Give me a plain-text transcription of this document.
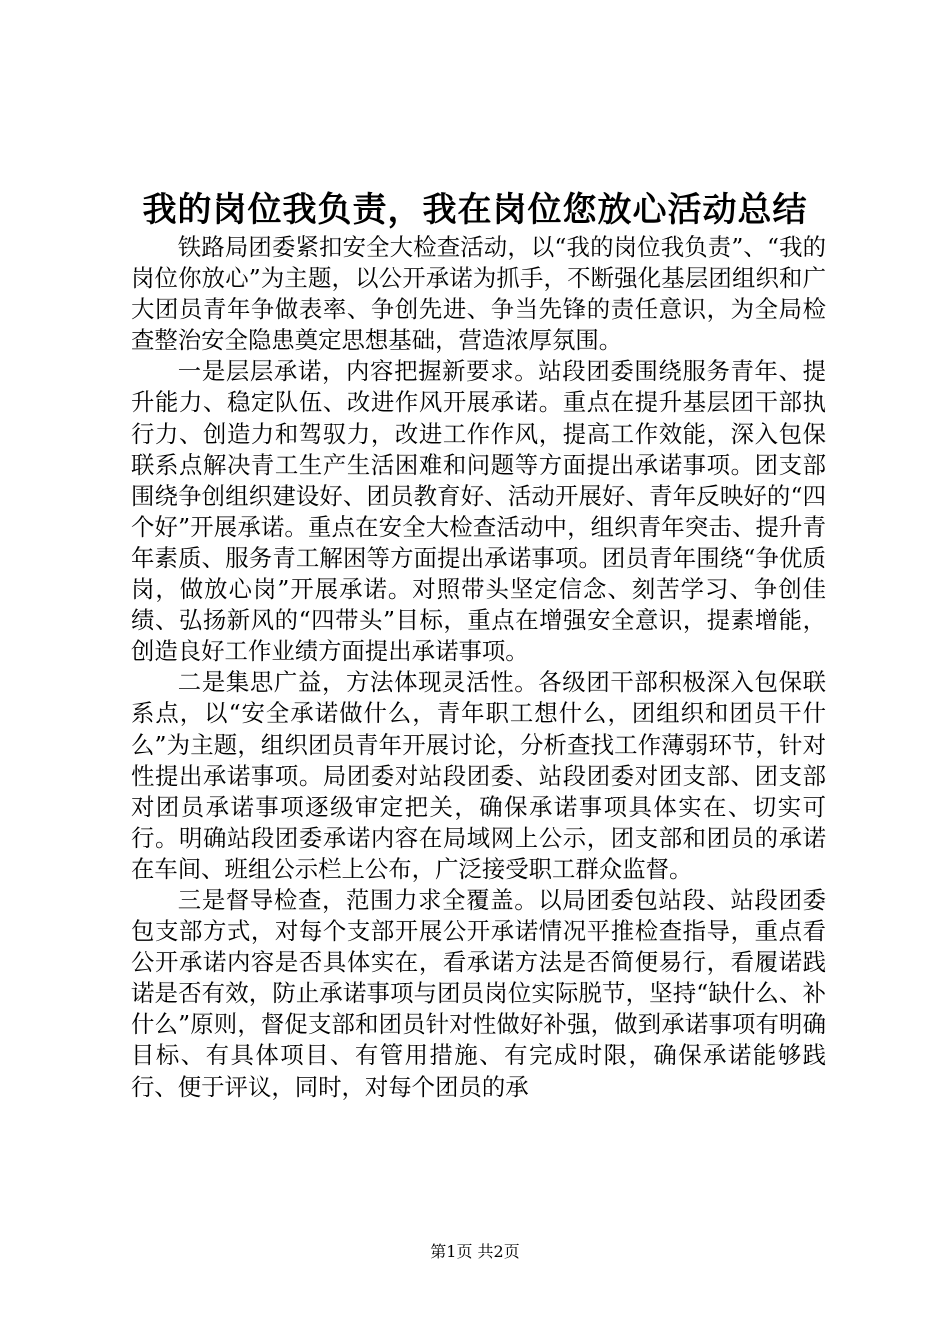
我的岗位我负责，我在岗位您放心活动总结

铁路局团委紧扣安全大检查活动，以“我的岗位我负责”、“我的岗位你放心”为主题，以公开承诺为抓手，不断强化基层团组织和广大团员青年争做表率、争创先进、争当先锋的责任意识，为全局检查整治安全隐患奠定思想基础，营造浓厚氛围。

一是层层承诺，内容把握新要求。站段团委围绕服务青年、提升能力、稳定队伍、改进作风开展承诺。重点在提升基层团干部执行力、创造力和驾驭力，改进工作作风，提高工作效能，深入包保联系点解决青工生产生活困难和问题等方面提出承诺事项。团支部围绕争创组织建设好、团员教育好、活动开展好、青年反映好的“四个好”开展承诺。重点在安全大检查活动中，组织青年突击、提升青年素质、服务青工解困等方面提出承诺事项。团员青年围绕“争优质岗，做放心岗”开展承诺。对照带头坚定信念、刻苦学习、争创佳绩、弘扬新风的“四带头”目标，重点在增强安全意识，提素增能，创造良好工作业绩方面提出承诺事项。

二是集思广益，方法体现灵活性。各级团干部积极深入包保联系点，以“安全承诺做什么，青年职工想什么，团组织和团员干什么”为主题，组织团员青年开展讨论，分析查找工作薄弱环节，针对性提出承诺事项。局团委对站段团委、站段团委对团支部、团支部对团员承诺事项逐级审定把关，确保承诺事项具体实在、切实可行。明确站段团委承诺内容在局域网上公示，团支部和团员的承诺在车间、班组公示栏上公布，广泛接受职工群众监督。

三是督导检查，范围力求全覆盖。以局团委包站段、站段团委包支部方式，对每个支部开展公开承诺情况平推检查指导，重点看公开承诺内容是否具体实在，看承诺方法是否简便易行，看履诺践诺是否有效，防止承诺事项与团员岗位实际脱节，坚持“缺什么、补什么”原则，督促支部和团员针对性做好补强，做到承诺事项有明确目标、有具体项目、有管用措施、有完成时限，确保承诺能够践行、便于评议，同时，对每个团员的承

第1页 共2页
